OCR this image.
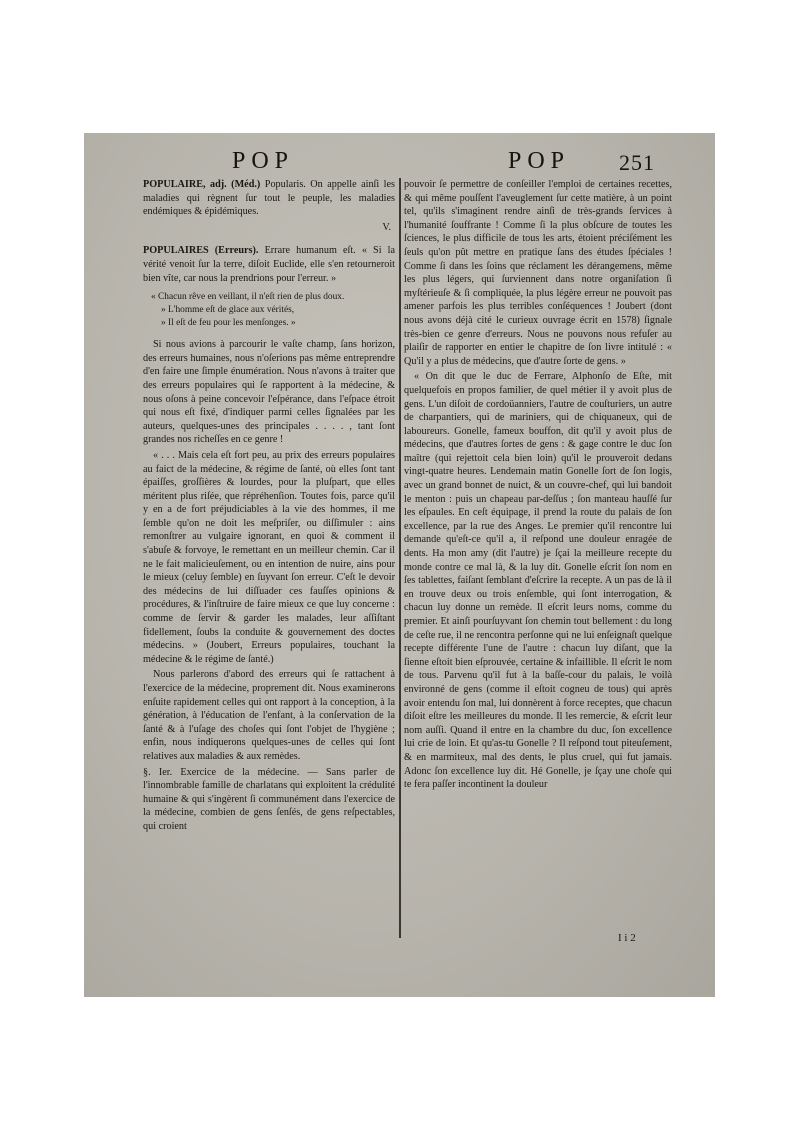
POP	POP 251

POPULAIRE, adj. (Méd.) Popularis. On appelle ainſi les maladies qui règnent ſur tout le peuple, les maladies endémiques & épidémiques.

V.

POPULAIRES (Erreurs). Errare humanum eſt. « Si la vérité venoit ſur la terre, diſoit Euclide, elle s'en retourneroit bien vîte, car nous la prendrions pour l'erreur. »

« Chacun rêve en veillant, il n'eſt rien de plus doux.
» L'homme eſt de glace aux vérités,
» Il eſt de feu pour les menſonges. »

Si nous avions à parcourir le vaſte champ, ſans horizon, des erreurs humaines, nous n'oſerions pas même entreprendre d'en faire une ſimple énumération. Nous n'avons à traiter que des erreurs populaires qui ſe rapportent à la médecine, & nous oſons à peine concevoir l'eſpérance, dans l'eſpace étroit qui nous eſt fixé, d'indiquer parmi celles ſignalées par les auteurs, quelques-unes des principales . . . . , tant ſont grandes nos richeſſes en ce genre !

« . . . Mais cela eſt fort peu, au prix des erreurs populaires au faict de la médecine, & régime de ſanté, où elles ſont tant épaiſſes, groſſières & lourdes, pour la pluſpart, que elles méritent plus riſée, que répréhenſion. Toutes fois, parce qu'il y en a de fort préjudiciables à la vie des hommes, il me ſemble qu'on ne doit les meſpriſer, ou diſſimuler : ains remonſtrer au vulgaire ignorant, en quoi & comment il s'abuſe & forvoye, le remettant en un meilleur chemin. Car il ne le fait malicieuſement, ou en intention de nuire, ains pour le mieux (celuy ſemble) en ſuyvant ſon erreur. C'eſt le devoir des médecins de lui diſſuader ces fauſſes opinions & procédures, & l'inſtruire de faire mieux ce que luy concerne : comme de ſervir & garder les malades, leur aſſiſtant fidellement, ſoubs la conduite & gouvernement des doctes médecins. » (Joubert, Erreurs populaires, touchant la médecine & le régime de ſanté.)

Nous parlerons d'abord des erreurs qui ſe rattachent à l'exercice de la médecine, proprement dit. Nous examinerons enſuite rapidement celles qui ont rapport à la conception, à la génération, à l'éducation de l'enfant, à la conſervation de la ſanté & à l'uſage des choſes qui ſont l'objet de l'hygiène ; enfin, nous indiquerons quelques-unes de celles qui ſont relatives aux maladies & aux remèdes.

§. Ier. Exercice de la médecine. — Sans parler de l'innombrable famille de charlatans qui exploitent la crédulité humaine & qui s'ingèrent ſi communément dans l'exercice de la médecine, combien de gens ſenſés, de gens reſpectables, qui croient

pouvoir ſe permettre de conſeiller l'emploi de certaines recettes, & qui même pouſſent l'aveuglement ſur cette matière, à un point tel, qu'ils s'imaginent rendre ainſi de très-grands ſervices à l'humanité ſouffrante ! Comme ſi la plus obſcure de toutes les ſciences, le plus difficile de tous les arts, étoient préciſément les ſeuls qu'on pût mettre en pratique ſans des études ſpéciales ! Comme ſi dans les ſoins que réclament les dérangemens, même les plus légers, qui ſurviennent dans notre organiſation ſi myſtérieuſe & ſi compliquée, la plus légère erreur ne pouvoit pas amener parfois les plus terribles conſéquences ! Joubert (dont nous avons déjà cité le curieux ouvrage écrit en 1578) ſignale très-bien ce genre d'erreurs. Nous ne pouvons nous refuſer au plaiſir de rapporter en entier le chapitre de ſon livre intitulé : « Qu'il y a plus de médecins, que d'autre ſorte de gens. »

« On dit que le duc de Ferrare, Alphonſo de Eſte, mit quelquefois en propos familier, de quel métier il y avoit plus de gens. L'un diſoit de cordoüanniers, l'autre de couſturiers, un autre de charpantiers, qui de mariniers, qui de chiquaneux, qui de laboureurs. Gonelle, fameux bouffon, dit qu'il y avoit plus de médecins, que d'autres ſortes de gens : & gage contre le duc ſon maître (qui rejettoit cela bien loin) qu'il le prouveroit dedans vingt-quatre heures. Lendemain matin Gonelle ſort de ſon logis, avec un grand bonnet de nuict, & un couvre-chef, qui lui bandoit le menton : puis un chapeau par-deſſus ; ſon manteau hauſſé ſur les eſpaules. En ceſt équipage, il prend la route du palais de ſon excellence, par la rue des Anges. Le premier qu'il rencontre lui demande qu'eſt-ce qu'il a, il reſpond une douleur enragée de dents. Ha mon amy (dit l'autre) je ſçai la meilleure recepte du monde contre ce mal là, & la luy dit. Gonelle eſcrit ſon nom en ſes tablettes, faiſant ſemblant d'eſcrire la recepte. A un pas de là il en trouve deux ou trois enſemble, qui ſont interrogation, & chacun luy donne un remède. Il eſcrit leurs noms, comme du premier. Et ainſi pourſuyvant ſon chemin tout bellement : du long de ceſte rue, il ne rencontra perſonne qui ne lui enſeignaſt quelque recepte différente l'une de l'autre : chacun luy diſant, que la ſienne eſtoit bien eſprouvée, certaine & infaillible. Il eſcrit le nom de tous. Parvenu qu'il fut à la baſſe-cour du palais, le voilà environné de gens (comme il eſtoit cogneu de tous) qui après avoir entendu ſon mal, lui donnèrent à force receptes, que chacun diſoit eſtre les meilleures du monde. Il les remercie, & eſcrit leur nom auſſi. Quand il entre en la chambre du duc, ſon excellence lui crie de loin. Et qu'as-tu Gonelle ? Il reſpond tout piteuſement, & en marmiteux, mal des dents, le plus cruel, qui fut jamais. Adonc ſon excellence luy dit. Hé Gonelle, je ſçay une choſe qui te fera paſſer incontinent la douleur

I i 2
